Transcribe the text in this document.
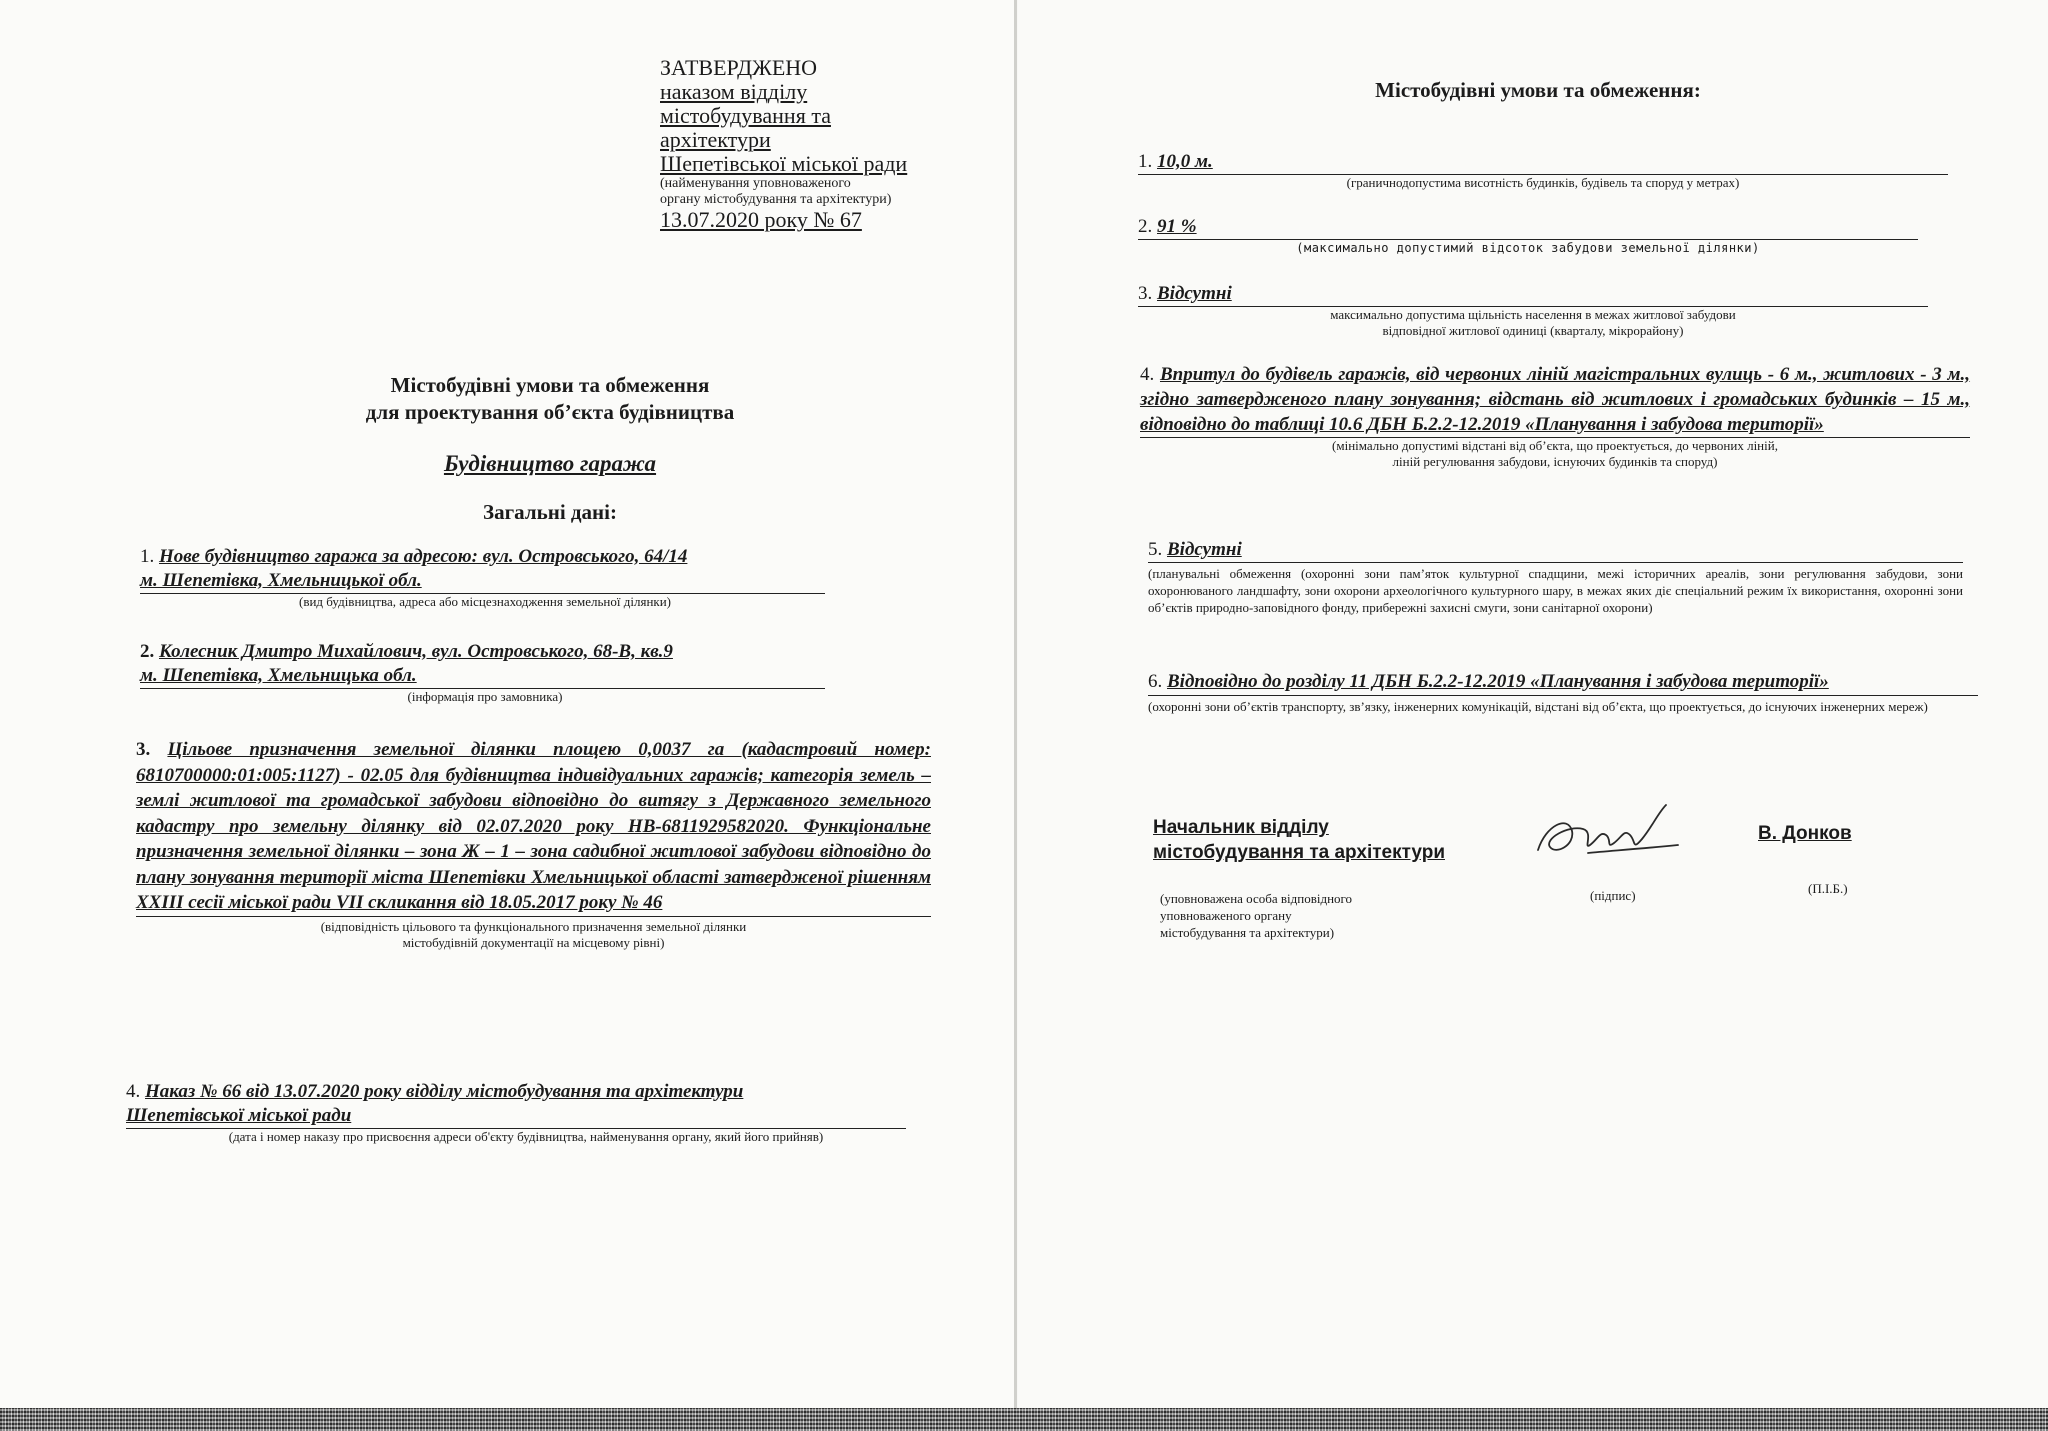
ЗАТВЕРДЖЕНО
наказом відділу
містобудування та
архітектури
Шепетівської міської ради
(найменування уповноваженого
органу містобудування та архітектури)
13.07.2020 року № 67
Містобудівні умови та обмеження
для проектування об’єкта будівництва
Будівництво гаража
Загальні дані:
1. Нове будівництво гаража за адресою: вул. Островського, 64/14
м. Шепетівка, Хмельницької обл.
(вид будівництва, адреса або місцезнаходження земельної ділянки)
2. Колесник Дмитро Михайлович, вул. Островського, 68-В, кв.9
м. Шепетівка, Хмельницька обл.
(інформація про замовника)
3. Цільове призначення земельної ділянки площею 0,0037 га (кадастровий номер: 6810700000:01:005:1127) - 02.05 для будівництва індивідуальних гаражів; категорія земель – землі житлової та громадської забудови відповідно до витягу з Державного земельного кадастру про земельну ділянку від 02.07.2020 року НВ-6811929582020. Функціональне призначення земельної ділянки – зона Ж – 1 – зона садибної житлової забудови відповідно до плану зонування території міста Шепетівки Хмельницької області затвердженої рішенням XXIII сесії міської ради VII скликання від 18.05.2017 року № 46
(відповідність цільового та функціонального призначення земельної ділянки
містобудівній документації на місцевому рівні)
4. Наказ № 66 від 13.07.2020 року відділу містобудування та архітектури
Шепетівської міської ради
(дата і номер наказу про присвоєння адреси об'єкту будівництва, найменування органу, який його прийняв)
Містобудівні умови та обмеження:
1. 10,0 м.
(граничнодопустима висотність будинків, будівель та споруд у метрах)
2. 91 %
(максимально допустимий відсоток забудови земельної ділянки)
3. Відсутні
максимально допустима щільність населення в межах житлової забудови
відповідної житлової одиниці (кварталу, мікрорайону)
4. Впритул до будівель гаражів, від червоних ліній магістральних вулиць - 6 м., житлових - 3 м., згідно затвердженого плану зонування; відстань від житлових і громадських будинків – 15 м., відповідно до таблиці 10.6 ДБН Б.2.2-12.2019 «Планування і забудова території»
(мінімально допустимі відстані від об’єкта, що проектується, до червоних ліній,
ліній регулювання забудови, існуючих будинків та споруд)
5. Відсутні
(планувальні обмеження (охоронні зони пам’яток культурної спадщини, межі історичних ареалів, зони регулювання забудови, зони охоронюваного ландшафту, зони охорони археологічного культурного шару, в межах яких діє спеціальний режим їх використання, охоронні зони об’єктів природно-заповідного фонду, прибережні захисні смуги, зони санітарної охорони)
6. Відповідно до розділу 11 ДБН Б.2.2-12.2019 «Планування і забудова території»
(охоронні зони об’єктів транспорту, зв’язку, інженерних комунікацій, відстані від об’єкта, що проектується, до існуючих інженерних мереж)
Начальник відділу
містобудування та архітектури
В. Донков
(уповноважена особа відповідного
уповноваженого органу
містобудування та архітектури)
(підпис)	(П.І.Б.)
